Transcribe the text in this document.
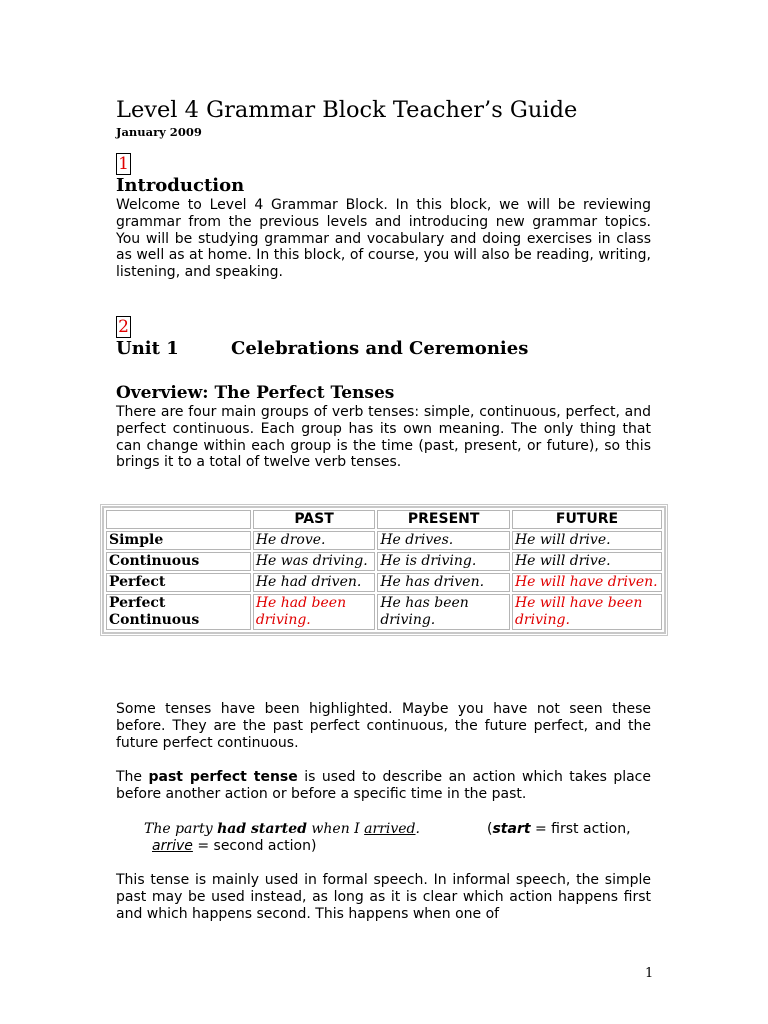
Level 4 Grammar Block Teacher’s Guide
January 2009
1
Introduction

Welcome to Level 4 Grammar Block. In this block, we will be reviewing grammar from the previous levels and introducing new grammar topics. You will be studying grammar and vocabulary and doing exercises in class as well as at home. In this block, of course, you will also be reading, writing, listening, and speaking.

2
Unit 1	Celebrations and Ceremonies
Overview: The Perfect Tenses

There are four main groups of verb tenses: simple, continuous, perfect, and perfect continuous. Each group has its own meaning. The only thing that can change within each group is the time (past, present, or future), so this brings it to a total of twelve verb tenses.

	PAST	PRESENT	FUTURE
Simple	He drove.	He drives.	He will drive.
Continuous	He was driving.	He is driving.	He will drive.
Perfect	He had driven.	He has driven.	He will have driven.
Perfect Continuous	He had been driving.	He has been driving.	He will have been driving.

Some tenses have been highlighted. Maybe you have not seen these before. They are the past perfect continuous, the future perfect, and the future perfect continuous.

The past perfect tense is used to describe an action which takes place before another action or before a specific time in the past.

The party had started when I arrived.	(start = first action,
arrive = second action)

This tense is mainly used in formal speech. In informal speech, the simple past may be used instead, as long as it is clear which action happens first and which happens second. This happens when one of

1
